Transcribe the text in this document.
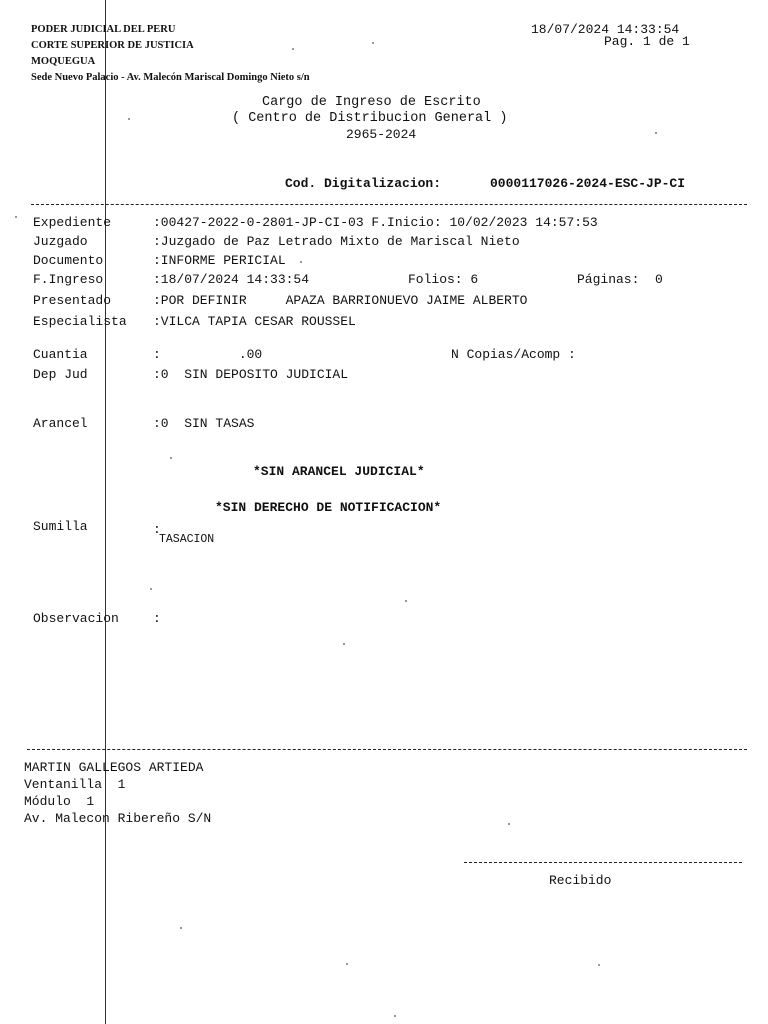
PODER JUDICIAL DEL PERU
CORTE SUPERIOR DE JUSTICIA
MOQUEGUA
Sede Nuevo Palacio - Av. Malecón Mariscal Domingo Nieto s/n
18/07/2024 14:33:54
Pag. 1 de 1
Cargo de Ingreso de Escrito
( Centro de Distribucion General )
2965-2024
Cod. Digitalizacion:	0000117026-2024-ESC-JP-CI
Expediente	:00427-2022-0-2801-JP-CI-03 F.Inicio: 10/02/2023 14:57:53
Juzgado	:Juzgado de Paz Letrado Mixto de Mariscal Nieto
Documento	:INFORME PERICIAL
F.Ingreso	:18/07/2024 14:33:54	Folios: 6	Páginas:  0
Presentado	:POR DEFINIR     APAZA BARRIONUEVO JAIME ALBERTO
Especialista :VILCA TAPIA CESAR ROUSSEL
Cuantia	:          .00	N Copias/Acomp :
Dep Jud	:0  SIN DEPOSITO JUDICIAL
Arancel	:0  SIN TASAS
*SIN ARANCEL JUDICIAL*
*SIN DERECHO DE NOTIFICACION*
Sumilla	:
TASACION
Observacion	:
MARTIN GALLEGOS ARTIEDA
Ventanilla  1
Módulo  1
Av. Malecon Ribereño S/N
Recibido
